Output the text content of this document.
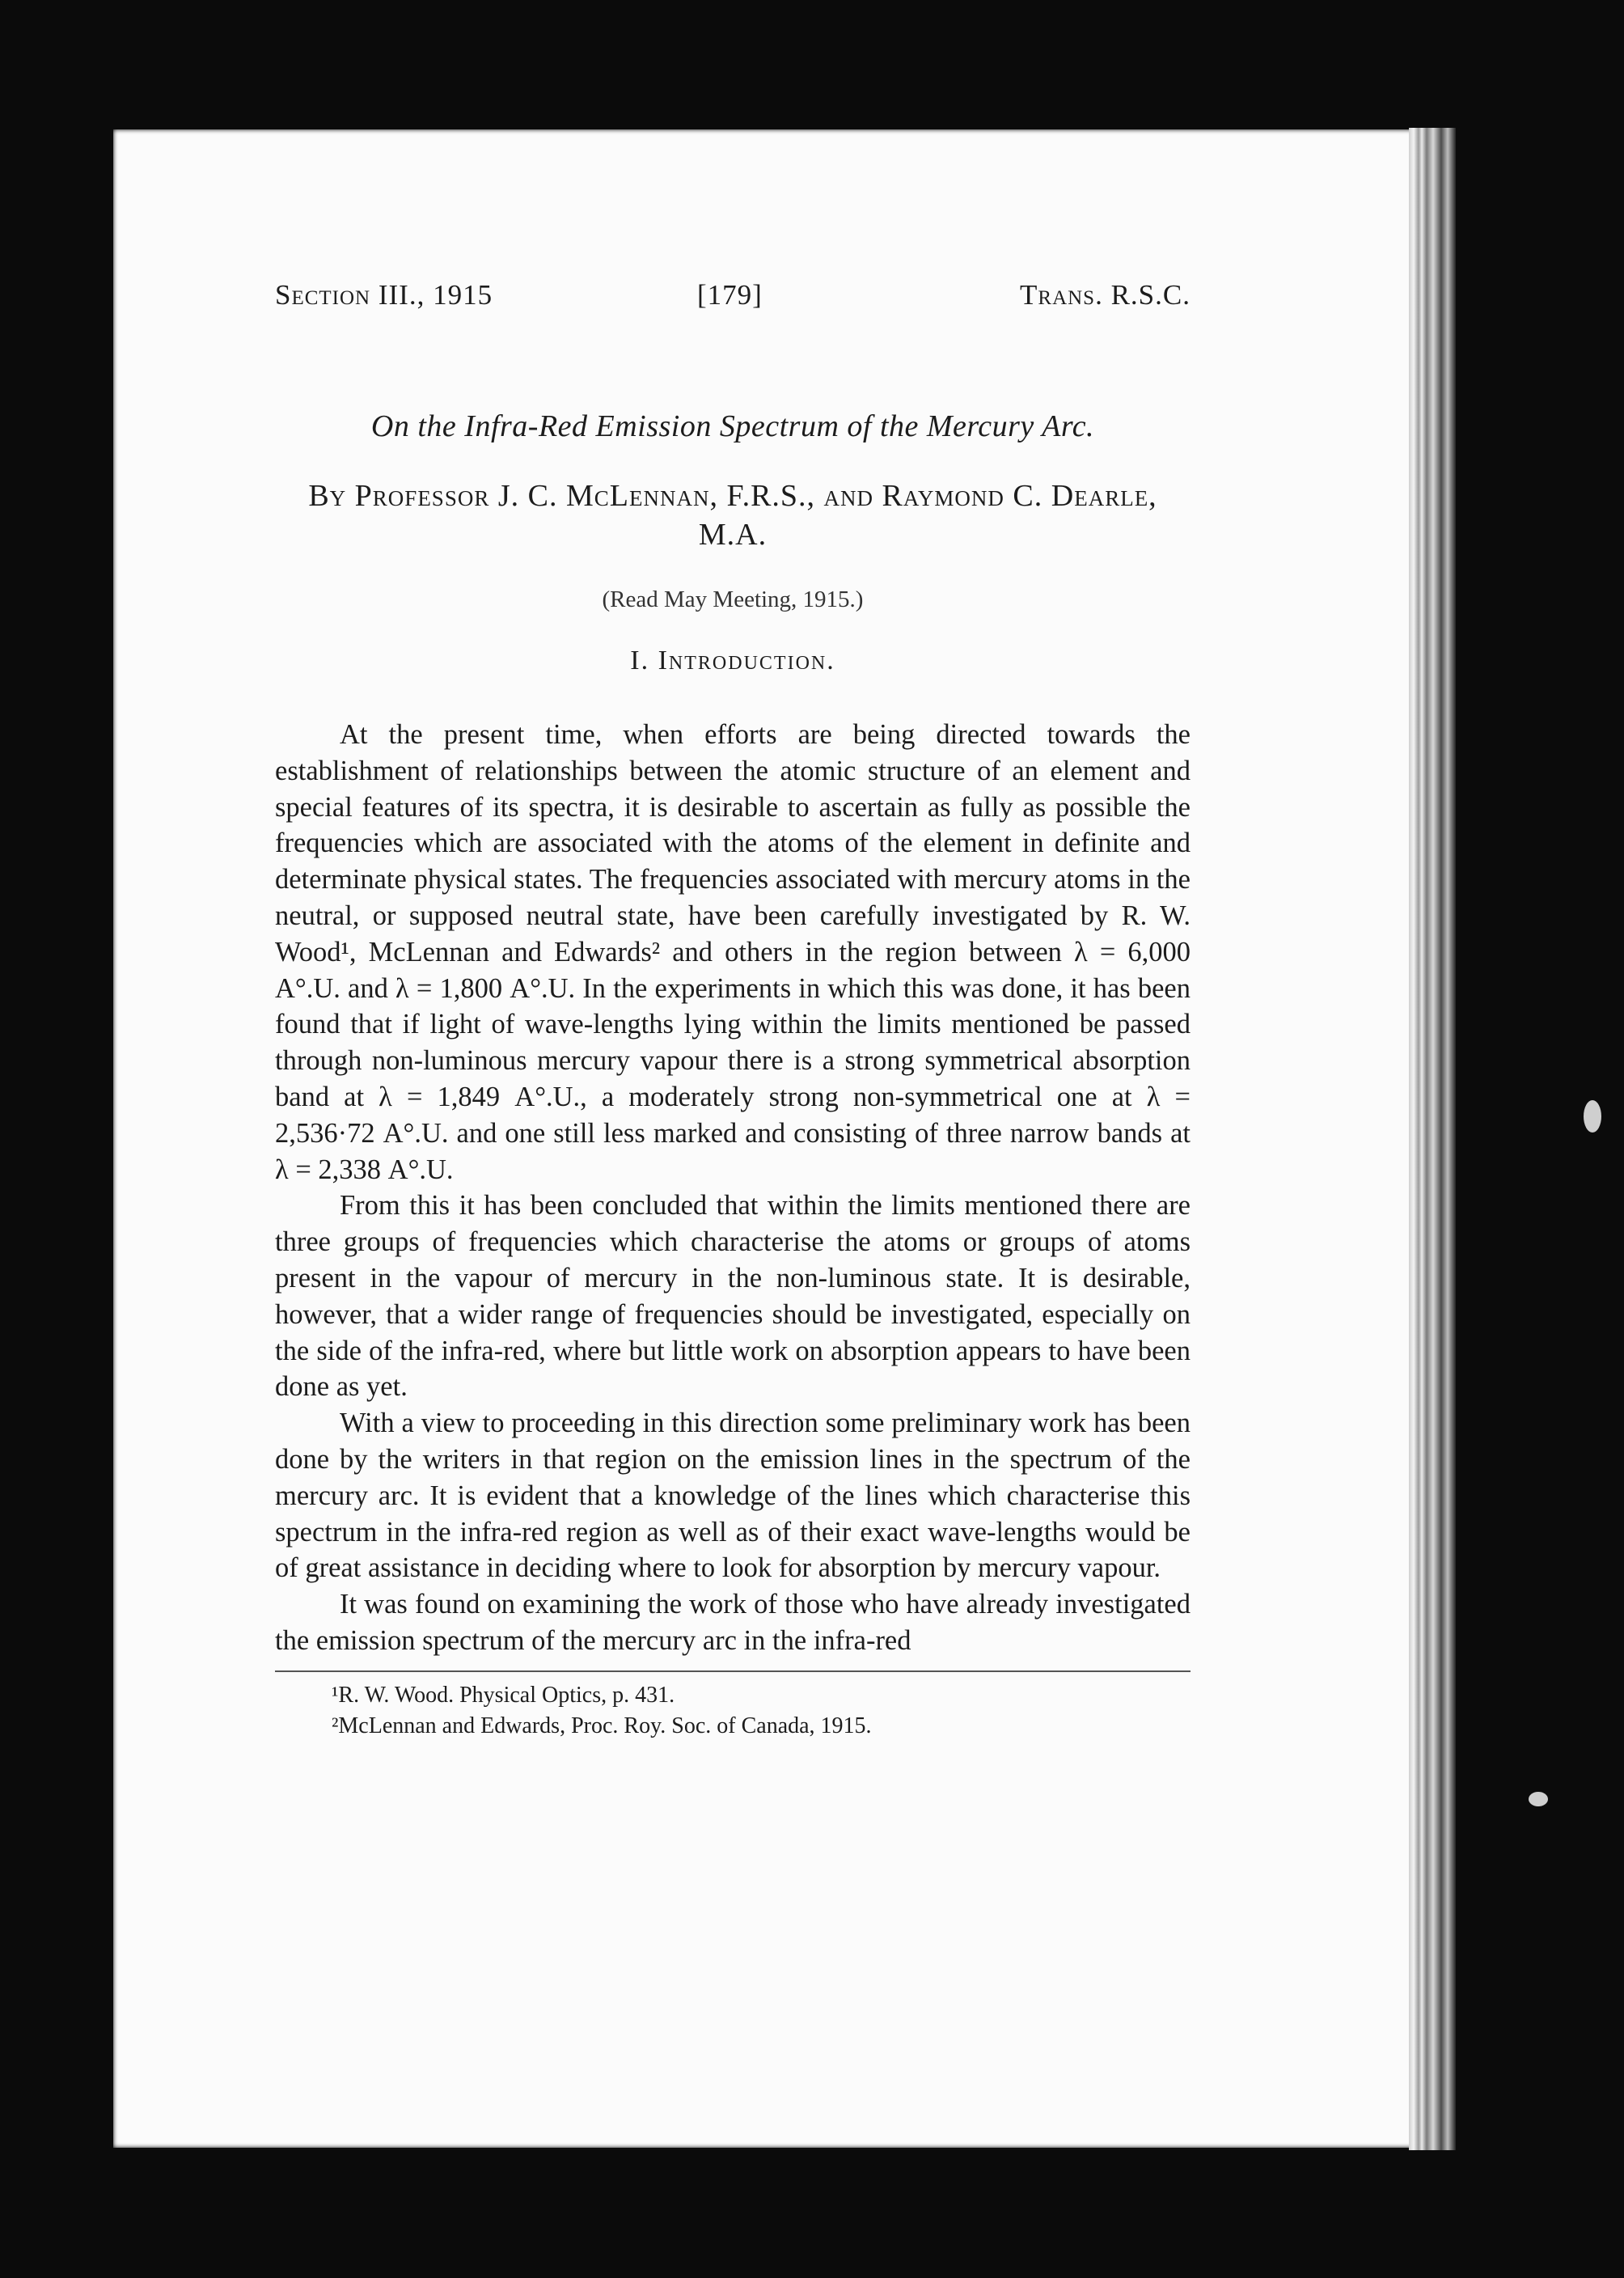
Section III., 1915	[179]	Trans. R.S.C.
On the Infra-Red Emission Spectrum of the Mercury Arc.
By Professor J. C. McLennan, F.R.S., and Raymond C. Dearle, M.A.
(Read May Meeting, 1915.)
I. Introduction.

At the present time, when efforts are being directed towards the establishment of relationships between the atomic structure of an element and special features of its spectra, it is desirable to ascertain as fully as possible the frequencies which are associated with the atoms of the element in definite and determinate physical states. The frequencies associated with mercury atoms in the neutral, or supposed neutral state, have been carefully investigated by R. W. Wood¹, McLennan and Edwards² and others in the region between λ = 6,000 A°.U. and λ = 1,800 A°.U. In the experiments in which this was done, it has been found that if light of wave-lengths lying within the limits mentioned be passed through non-luminous mercury vapour there is a strong symmetrical absorption band at λ = 1,849 A°.U., a moderately strong non-symmetrical one at λ = 2,536·72 A°.U. and one still less marked and consisting of three narrow bands at λ = 2,338 A°.U.

From this it has been concluded that within the limits mentioned there are three groups of frequencies which characterise the atoms or groups of atoms present in the vapour of mercury in the non-luminous state. It is desirable, however, that a wider range of frequencies should be investigated, especially on the side of the infra-red, where but little work on absorption appears to have been done as yet.

With a view to proceeding in this direction some preliminary work has been done by the writers in that region on the emission lines in the spectrum of the mercury arc. It is evident that a knowledge of the lines which characterise this spectrum in the infra-red region as well as of their exact wave-lengths would be of great assistance in deciding where to look for absorption by mercury vapour.

It was found on examining the work of those who have already investigated the emission spectrum of the mercury arc in the infra-red

¹R. W. Wood. Physical Optics, p. 431.
²McLennan and Edwards, Proc. Roy. Soc. of Canada, 1915.
